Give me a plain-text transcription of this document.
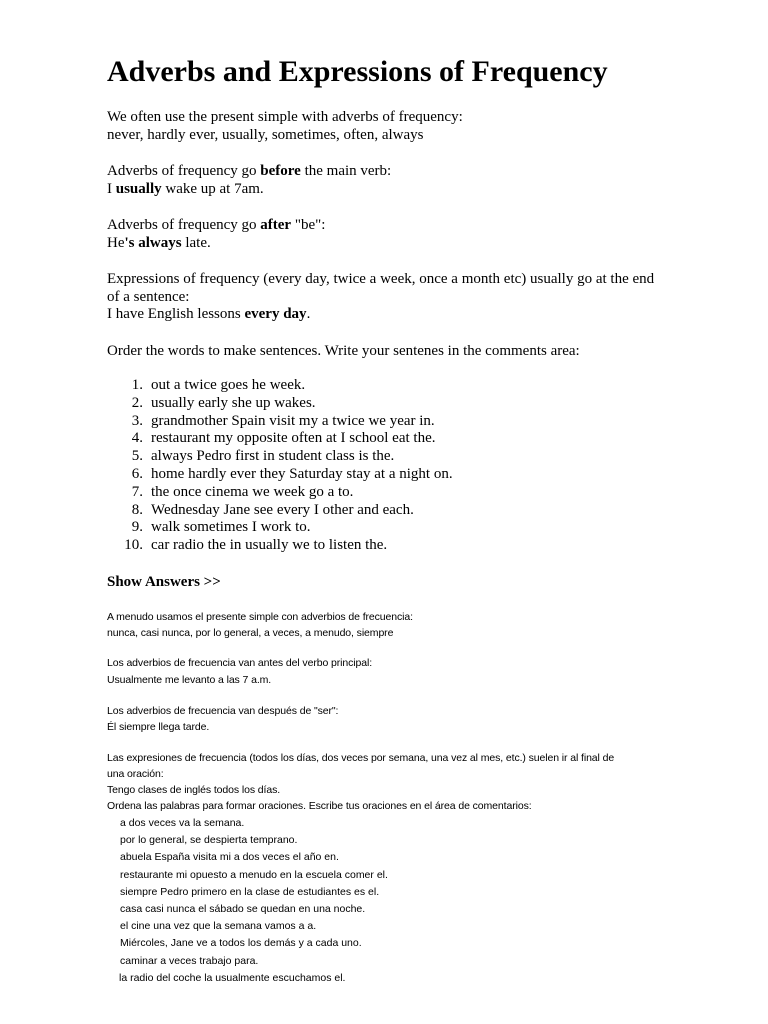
Adverbs and Expressions of Frequency
We often use the present simple with adverbs of frequency:
never, hardly ever, usually, sometimes, often, always
Adverbs of frequency go before the main verb:
I usually wake up at 7am.
Adverbs of frequency go after "be":
He's always late.
Expressions of frequency (every day, twice a week, once a month etc) usually go at the end
of a sentence:
I have English lessons every day.
Order the words to make sentences. Write your sentenes in the comments area:
1. out a twice goes he week.
2. usually early she up wakes.
3. grandmother Spain visit my a twice we year in.
4. restaurant my opposite often at I school eat the.
5. always Pedro first in student class is the.
6. home hardly ever they Saturday stay at a night on.
7. the once cinema we week go a to.
8. Wednesday Jane see every I other and each.
9. walk sometimes I work to.
10. car radio the in usually we to listen the.
Show Answers >>
A menudo usamos el presente simple con adverbios de frecuencia:
nunca, casi nunca, por lo general, a veces, a menudo, siempre
Los adverbios de frecuencia van antes del verbo principal:
Usualmente me levanto a las 7 a.m.
Los adverbios de frecuencia van después de "ser":
Él siempre llega tarde.
Las expresiones de frecuencia (todos los días, dos veces por semana, una vez al mes, etc.) suelen ir al final de
una oración:
Tengo clases de inglés todos los días.
Ordena las palabras para formar oraciones. Escribe tus oraciones en el área de comentarios:
a dos veces va la semana.
por lo general, se despierta temprano.
abuela España visita mi a dos veces el año en.
restaurante mi opuesto a menudo en la escuela comer el.
siempre Pedro primero en la clase de estudiantes es el.
casa casi nunca el sábado se quedan en una noche.
el cine una vez que la semana vamos a a.
Miércoles, Jane ve a todos los demás y a cada uno.
caminar a veces trabajo para.
la radio del coche la usualmente escuchamos el.
